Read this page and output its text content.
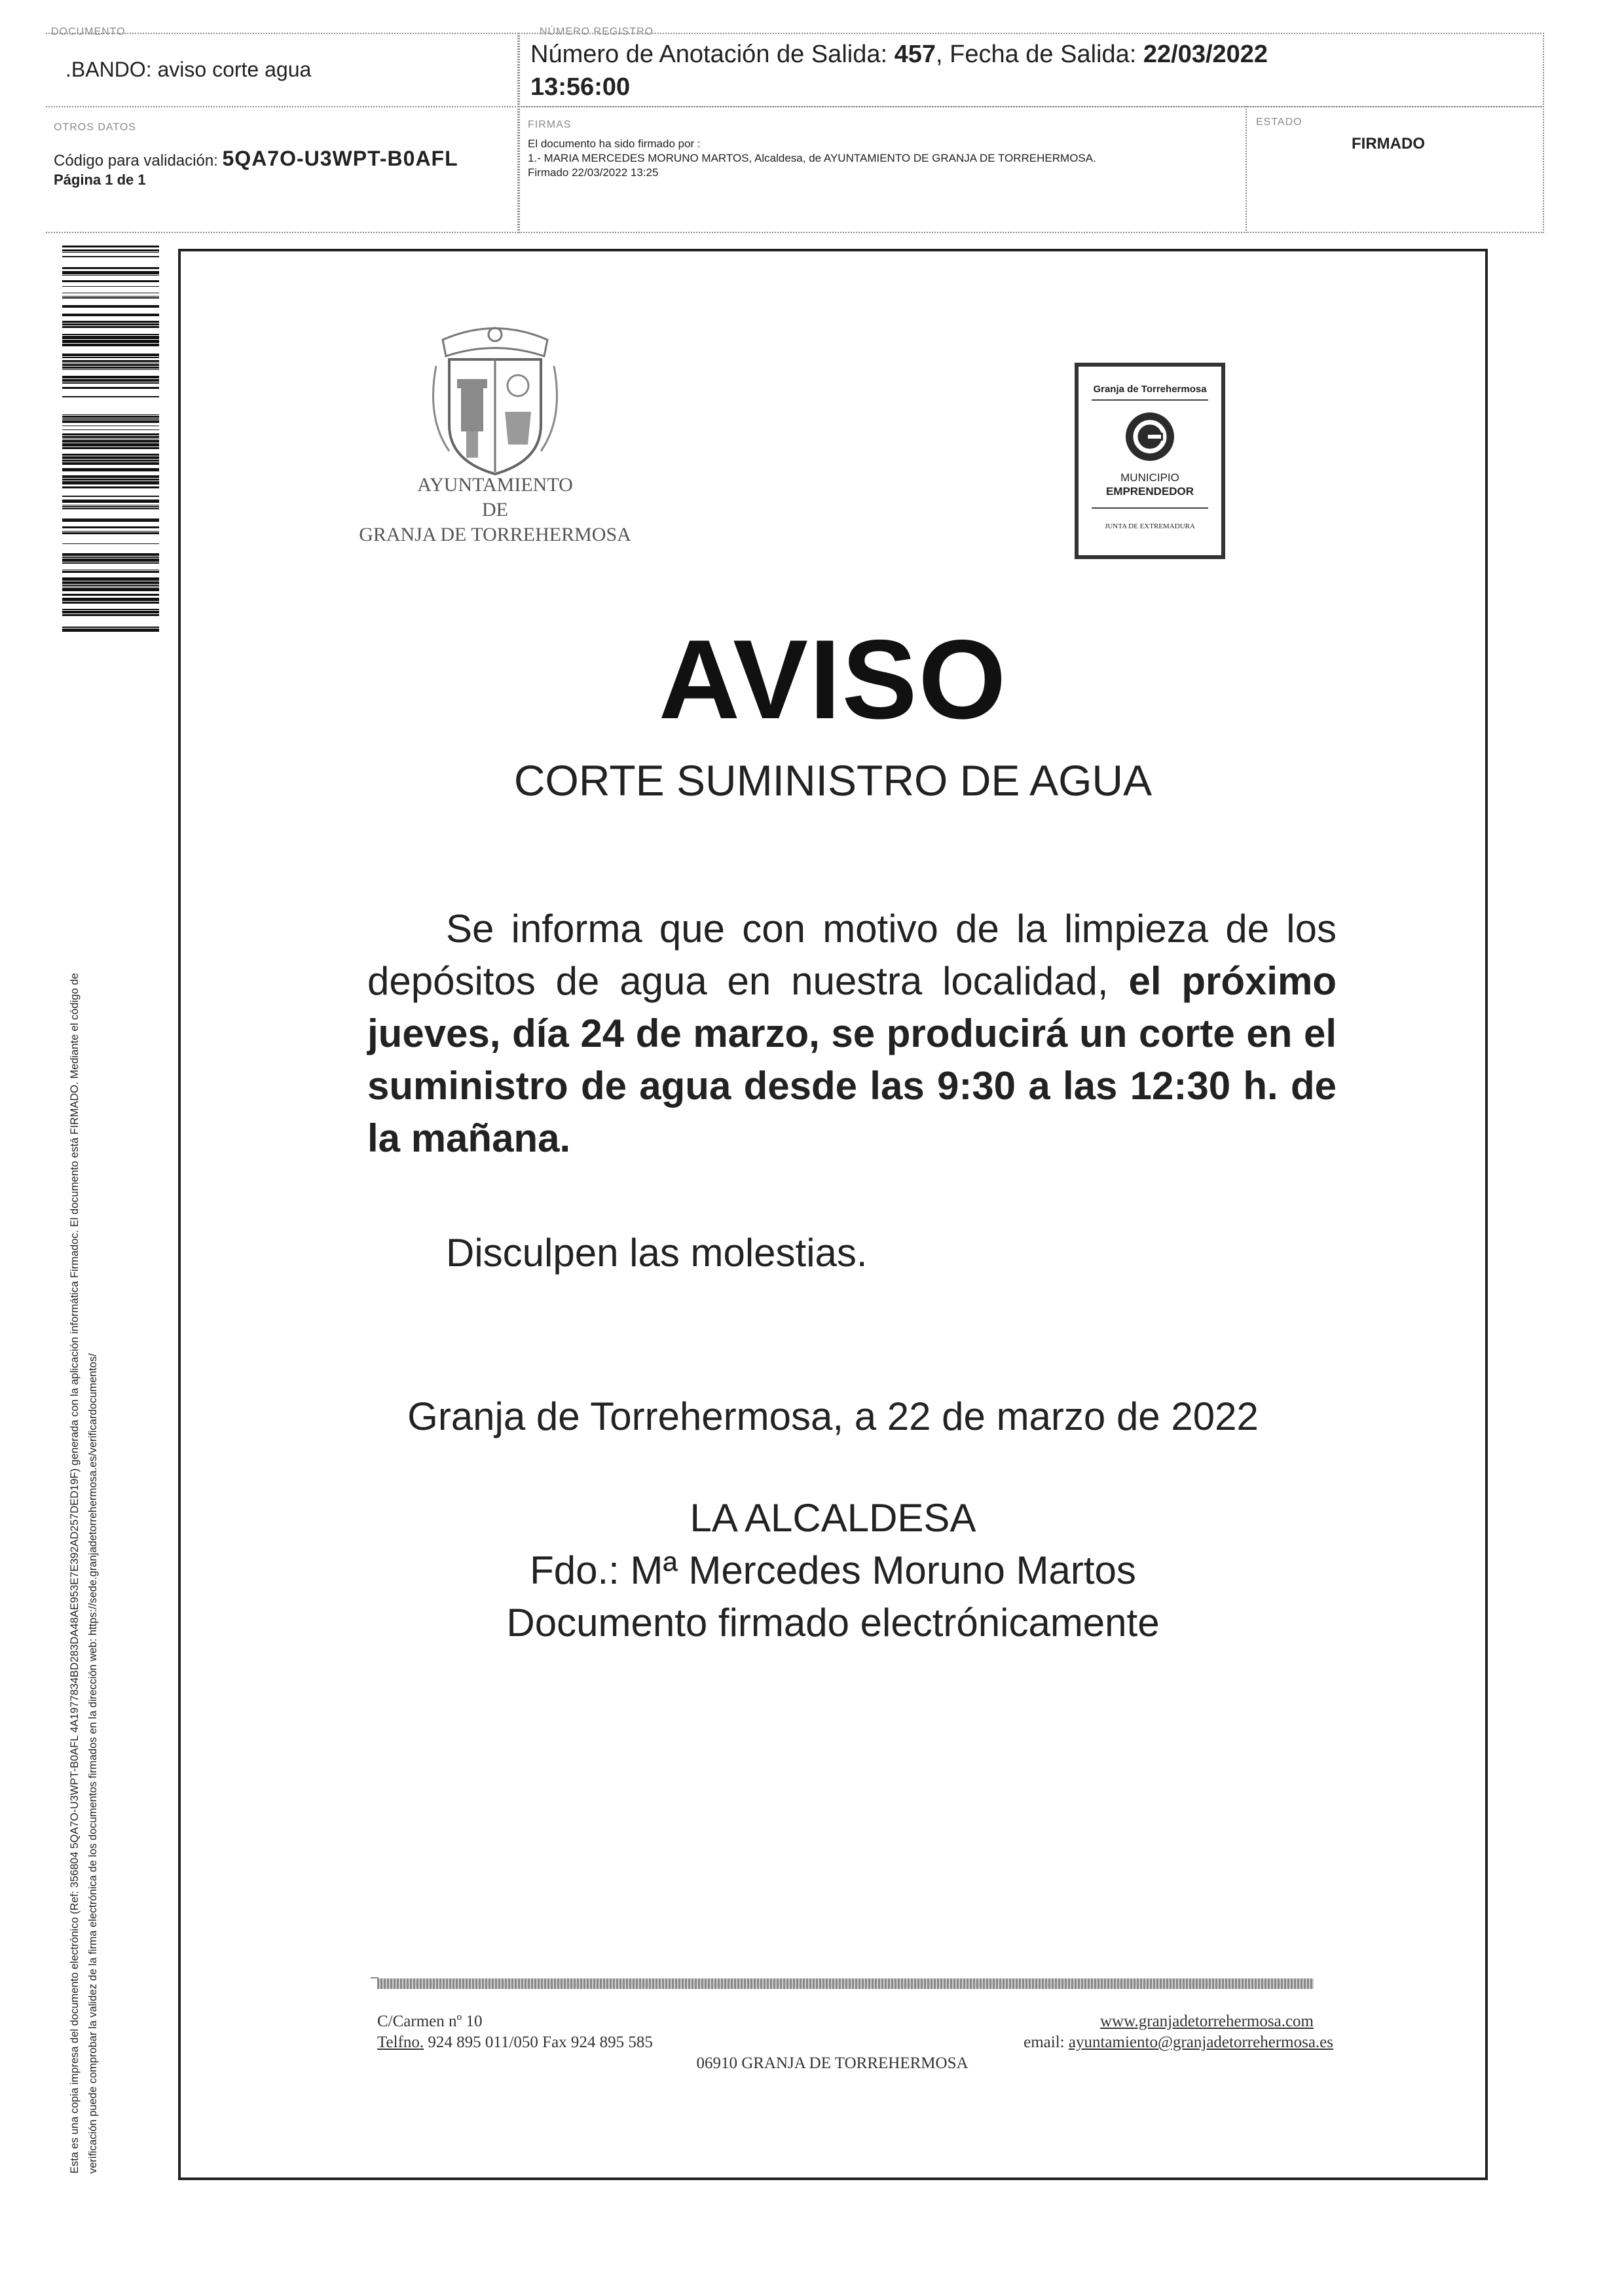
DOCUMENTO
.BANDO: aviso corte agua
NÚMERO REGISTRO
Número de Anotación de Salida: 457, Fecha de Salida: 22/03/2022
13:56:00
OTROS DATOS
Código para validación: 5QA7O-U3WPT-B0AFL
Página 1 de 1
FIRMAS
El documento ha sido firmado por :
1.- MARIA MERCEDES MORUNO MARTOS, Alcaldesa, de AYUNTAMIENTO DE GRANJA DE TORREHERMOSA.
Firmado 22/03/2022 13:25
ESTADO
FIRMADO
Esta es una copia impresa del documento electrónico (Ref: 356804 5QA7O-U3WPT-B0AFL 4A1977834BD283DA48AE953E7E392AD257DED19F) generada con la aplicación informática Firmadoc. El documento está FIRMADO. Mediante el código de verificación puede comprobar la validez de la firma electrónica de los documentos firmados en la dirección web: https://sede.granjadetorrehermosa.es/verificardocumentos/
AYUNTAMIENTO
DE
GRANJA DE TORREHERMOSA
Granja de Torrehermosa
MUNICIPIO
EMPRENDEDOR
JUNTA DE EXTREMADURA
AVISO
CORTE SUMINISTRO DE AGUA
Se informa que con motivo de la limpieza de los depósitos de agua en nuestra localidad, el próximo jueves, día 24 de marzo, se producirá un corte en el suministro de agua desde las 9:30 a las 12:30 h. de la mañana.
Disculpen las molestias.
Granja de Torrehermosa, a 22 de marzo de 2022
LA ALCALDESA
Fdo.: Mª Mercedes Moruno Martos
Documento firmado electrónicamente
C/Carmen nº 10
Telfno. 924 895 011/050 Fax 924 895 585
www.granjadetorrehermosa.com
email: ayuntamiento@granjadetorrehermosa.es
06910 GRANJA DE TORREHERMOSA
